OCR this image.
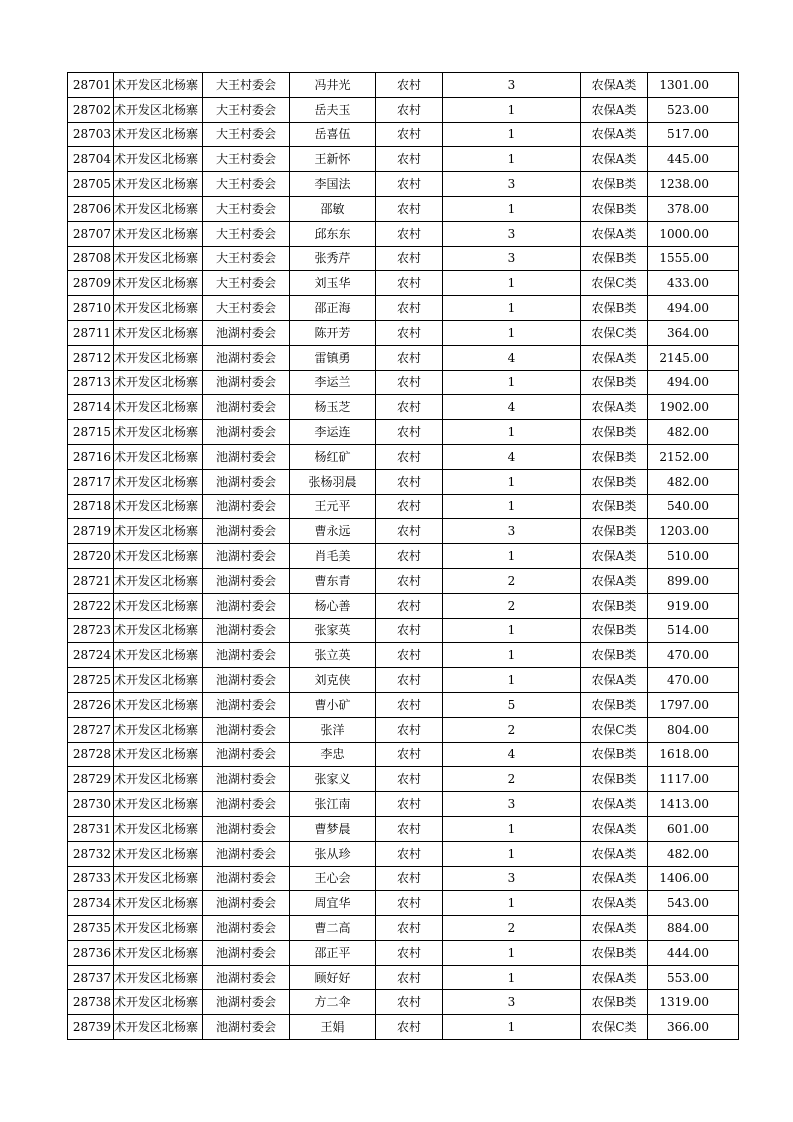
28701	术开发区北杨寨	大王村委会	冯井光	农村	3	农保A类	1301.00
28702	术开发区北杨寨	大王村委会	岳夫玉	农村	1	农保A类	523.00
28703	术开发区北杨寨	大王村委会	岳喜伍	农村	1	农保A类	517.00
28704	术开发区北杨寨	大王村委会	王新怀	农村	1	农保A类	445.00
28705	术开发区北杨寨	大王村委会	李国法	农村	3	农保B类	1238.00
28706	术开发区北杨寨	大王村委会	邵敏	农村	1	农保B类	378.00
28707	术开发区北杨寨	大王村委会	邱东东	农村	3	农保A类	1000.00
28708	术开发区北杨寨	大王村委会	张秀芹	农村	3	农保B类	1555.00
28709	术开发区北杨寨	大王村委会	刘玉华	农村	1	农保C类	433.00
28710	术开发区北杨寨	大王村委会	邵正海	农村	1	农保B类	494.00
28711	术开发区北杨寨	池湖村委会	陈开芳	农村	1	农保C类	364.00
28712	术开发区北杨寨	池湖村委会	雷镇勇	农村	4	农保A类	2145.00
28713	术开发区北杨寨	池湖村委会	李运兰	农村	1	农保B类	494.00
28714	术开发区北杨寨	池湖村委会	杨玉芝	农村	4	农保A类	1902.00
28715	术开发区北杨寨	池湖村委会	李运连	农村	1	农保B类	482.00
28716	术开发区北杨寨	池湖村委会	杨红矿	农村	4	农保B类	2152.00
28717	术开发区北杨寨	池湖村委会	张杨羽晨	农村	1	农保B类	482.00
28718	术开发区北杨寨	池湖村委会	王元平	农村	1	农保B类	540.00
28719	术开发区北杨寨	池湖村委会	曹永远	农村	3	农保B类	1203.00
28720	术开发区北杨寨	池湖村委会	肖毛美	农村	1	农保A类	510.00
28721	术开发区北杨寨	池湖村委会	曹东青	农村	2	农保A类	899.00
28722	术开发区北杨寨	池湖村委会	杨心善	农村	2	农保B类	919.00
28723	术开发区北杨寨	池湖村委会	张家英	农村	1	农保B类	514.00
28724	术开发区北杨寨	池湖村委会	张立英	农村	1	农保B类	470.00
28725	术开发区北杨寨	池湖村委会	刘克侠	农村	1	农保A类	470.00
28726	术开发区北杨寨	池湖村委会	曹小矿	农村	5	农保B类	1797.00
28727	术开发区北杨寨	池湖村委会	张洋	农村	2	农保C类	804.00
28728	术开发区北杨寨	池湖村委会	李忠	农村	4	农保B类	1618.00
28729	术开发区北杨寨	池湖村委会	张家义	农村	2	农保B类	1117.00
28730	术开发区北杨寨	池湖村委会	张江南	农村	3	农保A类	1413.00
28731	术开发区北杨寨	池湖村委会	曹梦晨	农村	1	农保A类	601.00
28732	术开发区北杨寨	池湖村委会	张从珍	农村	1	农保A类	482.00
28733	术开发区北杨寨	池湖村委会	王心会	农村	3	农保A类	1406.00
28734	术开发区北杨寨	池湖村委会	周宜华	农村	1	农保A类	543.00
28735	术开发区北杨寨	池湖村委会	曹二高	农村	2	农保A类	884.00
28736	术开发区北杨寨	池湖村委会	邵正平	农村	1	农保B类	444.00
28737	术开发区北杨寨	池湖村委会	顾好好	农村	1	农保A类	553.00
28738	术开发区北杨寨	池湖村委会	方二伞	农村	3	农保B类	1319.00
28739	术开发区北杨寨	池湖村委会	王娟	农村	1	农保C类	366.00
